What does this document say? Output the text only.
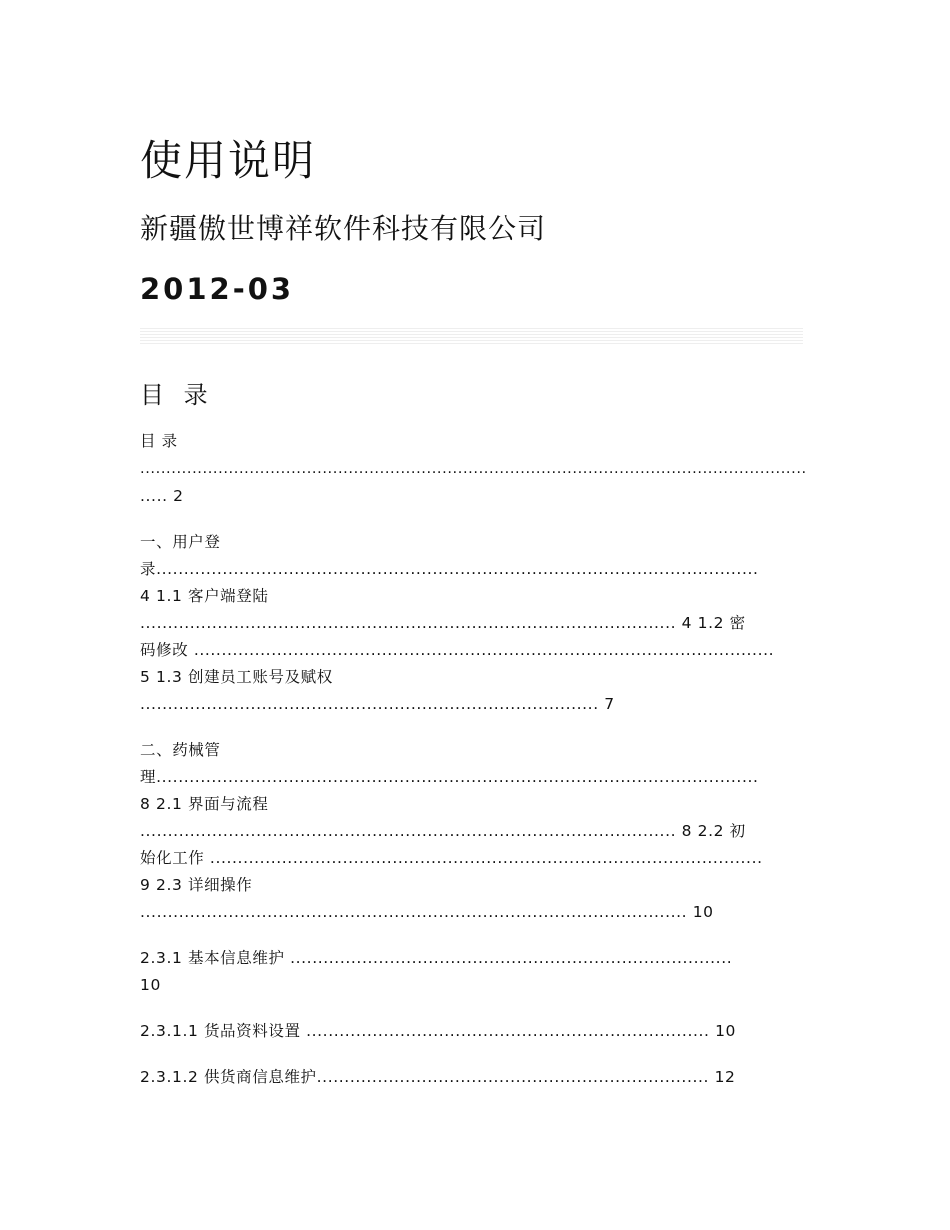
使用说明
新疆傲世博祥软件科技有限公司
2012-03
目 录
目 录
................................................................................................................................
..... 2
一、用户登
录.............................................................................................................
4 1.1 客户端登陆
................................................................................................. 4 1.2 密
码修改 .........................................................................................................
5 1.3 创建员工账号及赋权
................................................................................... 7
二、药械管
理.............................................................................................................
8 2.1 界面与流程
................................................................................................. 8 2.2 初
始化工作 ....................................................................................................
9 2.3 详细操作
................................................................................................... 10
2.3.1 基本信息维护 ................................................................................
10
2.3.1.1 货品资料设置 ......................................................................... 10
2.3.1.2 供货商信息维护....................................................................... 12
